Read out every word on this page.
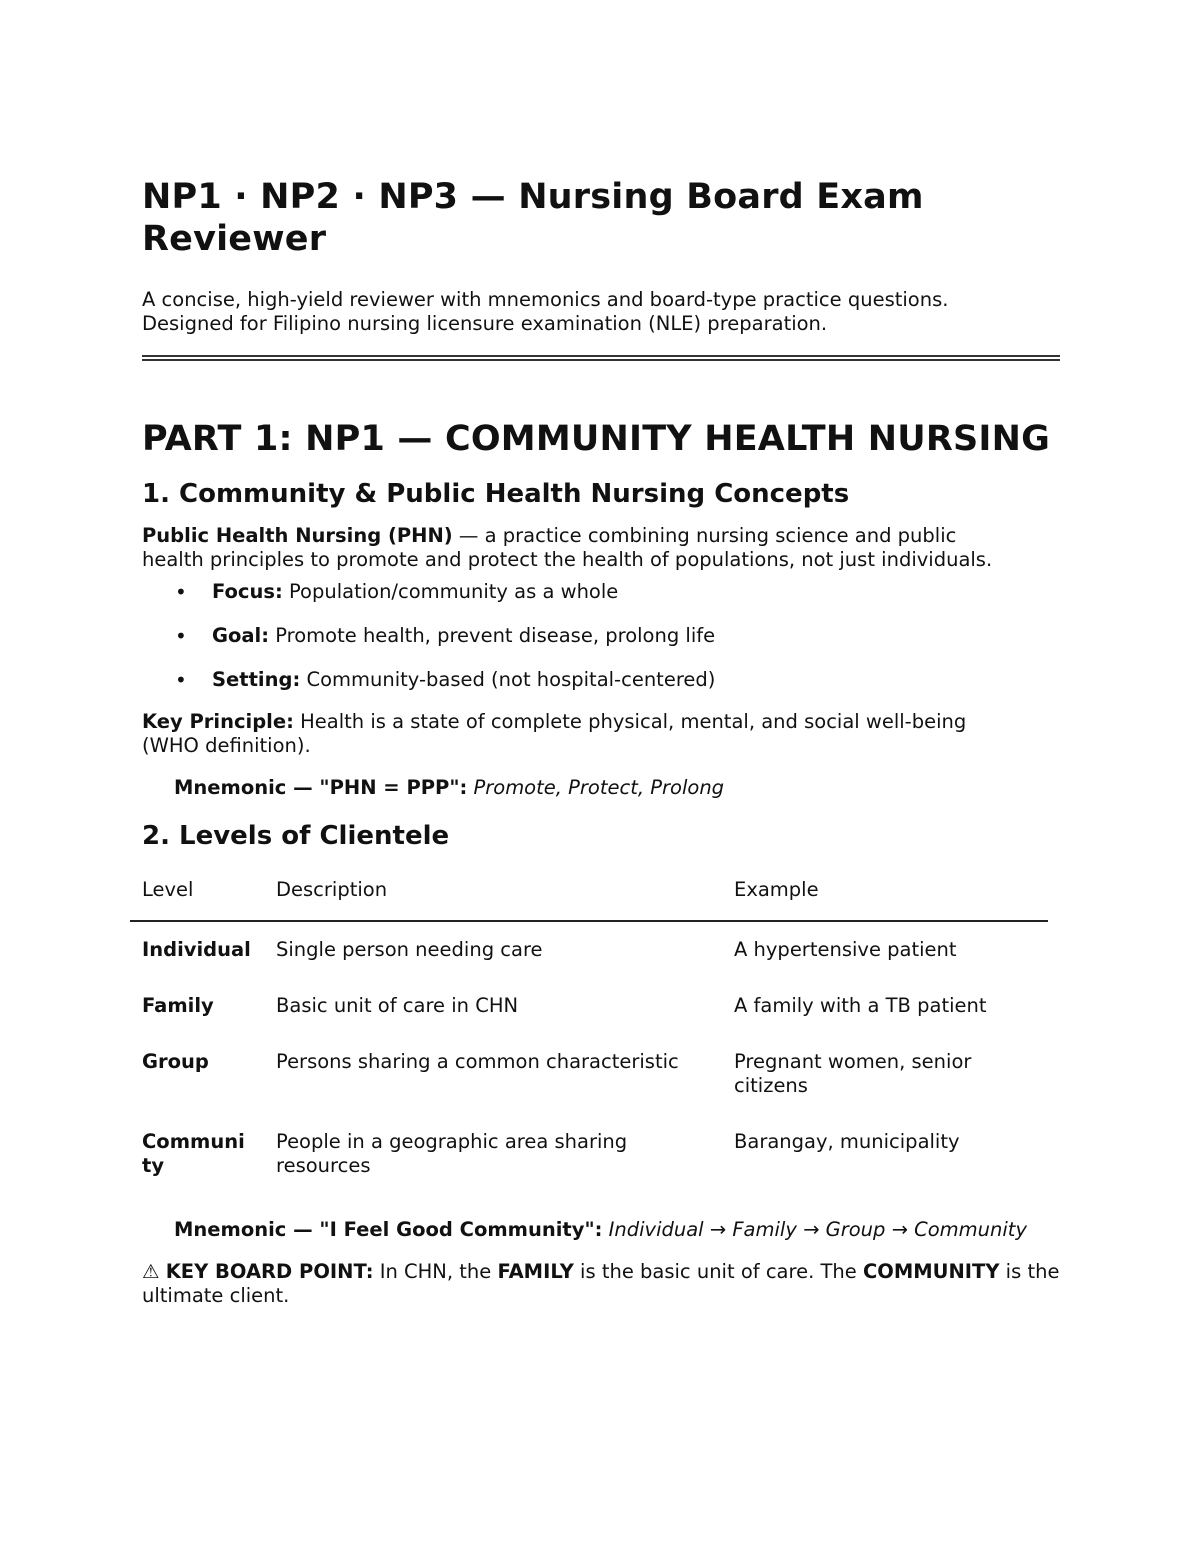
NP1 · NP2 · NP3 — Nursing Board Exam Reviewer
A concise, high-yield reviewer with mnemonics and board-type practice questions.
Designed for Filipino nursing licensure examination (NLE) preparation.
PART 1: NP1 — COMMUNITY HEALTH NURSING
1. Community & Public Health Nursing Concepts

Public Health Nursing (PHN) — a practice combining nursing science and public
health principles to promote and protect the health of populations, not just individuals.

• Focus: Population/community as a whole
• Goal: Promote health, prevent disease, prolong life
• Setting: Community-based (not hospital-centered)

Key Principle: Health is a state of complete physical, mental, and social well-being
(WHO definition).

Mnemonic — "PHN = PPP": Promote, Protect, Prolong
2. Levels of Clientele
Level	Description	Example
Individual	Single person needing care	A hypertensive patient
Family	Basic unit of care in CHN	A family with a TB patient
Group	Persons sharing a common characteristic	Pregnant women, senior citizens
Community	People in a geographic area sharing resources	Barangay, municipality
Mnemonic — "I Feel Good Community": Individual → Family → Group → Community
⚠ KEY BOARD POINT: In CHN, the FAMILY is the basic unit of care. The COMMUNITY is the ultimate client.
